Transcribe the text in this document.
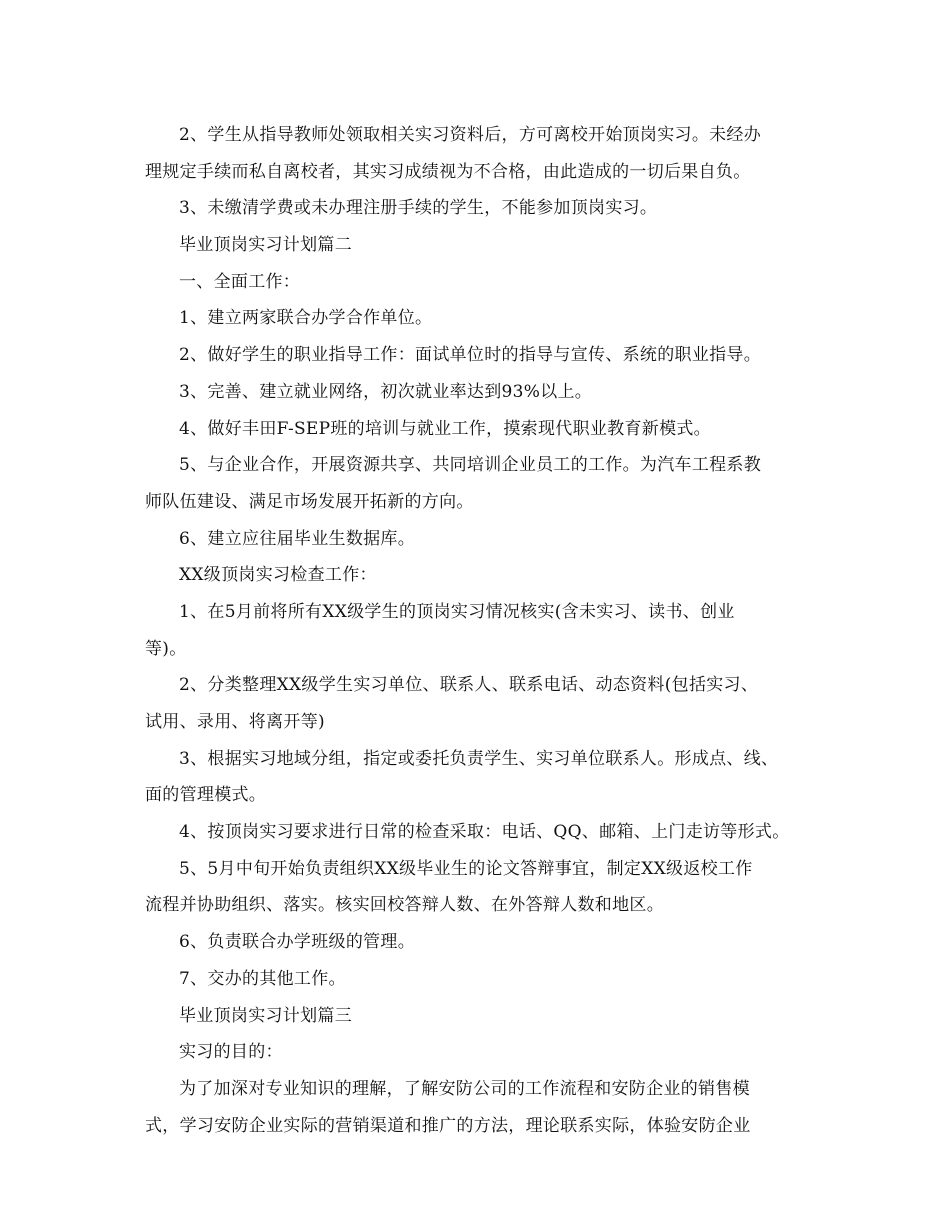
2、学生从指导教师处领取相关实习资料后，方可离校开始顶岗实习。未经办
理规定手续而私自离校者，其实习成绩视为不合格，由此造成的一切后果自负。
3、未缴清学费或未办理注册手续的学生，不能参加顶岗实习。
毕业顶岗实习计划篇二
一、全面工作：
1、建立两家联合办学合作单位。
2、做好学生的职业指导工作：面试单位时的指导与宣传、系统的职业指导。
3、完善、建立就业网络，初次就业率达到93%以上。
4、做好丰田F-SEP班的培训与就业工作，摸索现代职业教育新模式。
5、与企业合作，开展资源共享、共同培训企业员工的工作。为汽车工程系教
师队伍建设、满足市场发展开拓新的方向。
6、建立应往届毕业生数据库。
XX级顶岗实习检查工作：
1、在5月前将所有XX级学生的顶岗实习情况核实(含未实习、读书、创业
等)。
2、分类整理XX级学生实习单位、联系人、联系电话、动态资料(包括实习、
试用、录用、将离开等)
3、根据实习地域分组，指定或委托负责学生、实习单位联系人。形成点、线、
面的管理模式。
4、按顶岗实习要求进行日常的检查采取：电话、QQ、邮箱、上门走访等形式。
5、5月中旬开始负责组织XX级毕业生的论文答辩事宜，制定XX级返校工作
流程并协助组织、落实。核实回校答辩人数、在外答辩人数和地区。
6、负责联合办学班级的管理。
7、交办的其他工作。
毕业顶岗实习计划篇三
实习的目的：
为了加深对专业知识的理解，了解安防公司的工作流程和安防企业的销售模
式，学习安防企业实际的营销渠道和推广的方法，理论联系实际，体验安防企业
